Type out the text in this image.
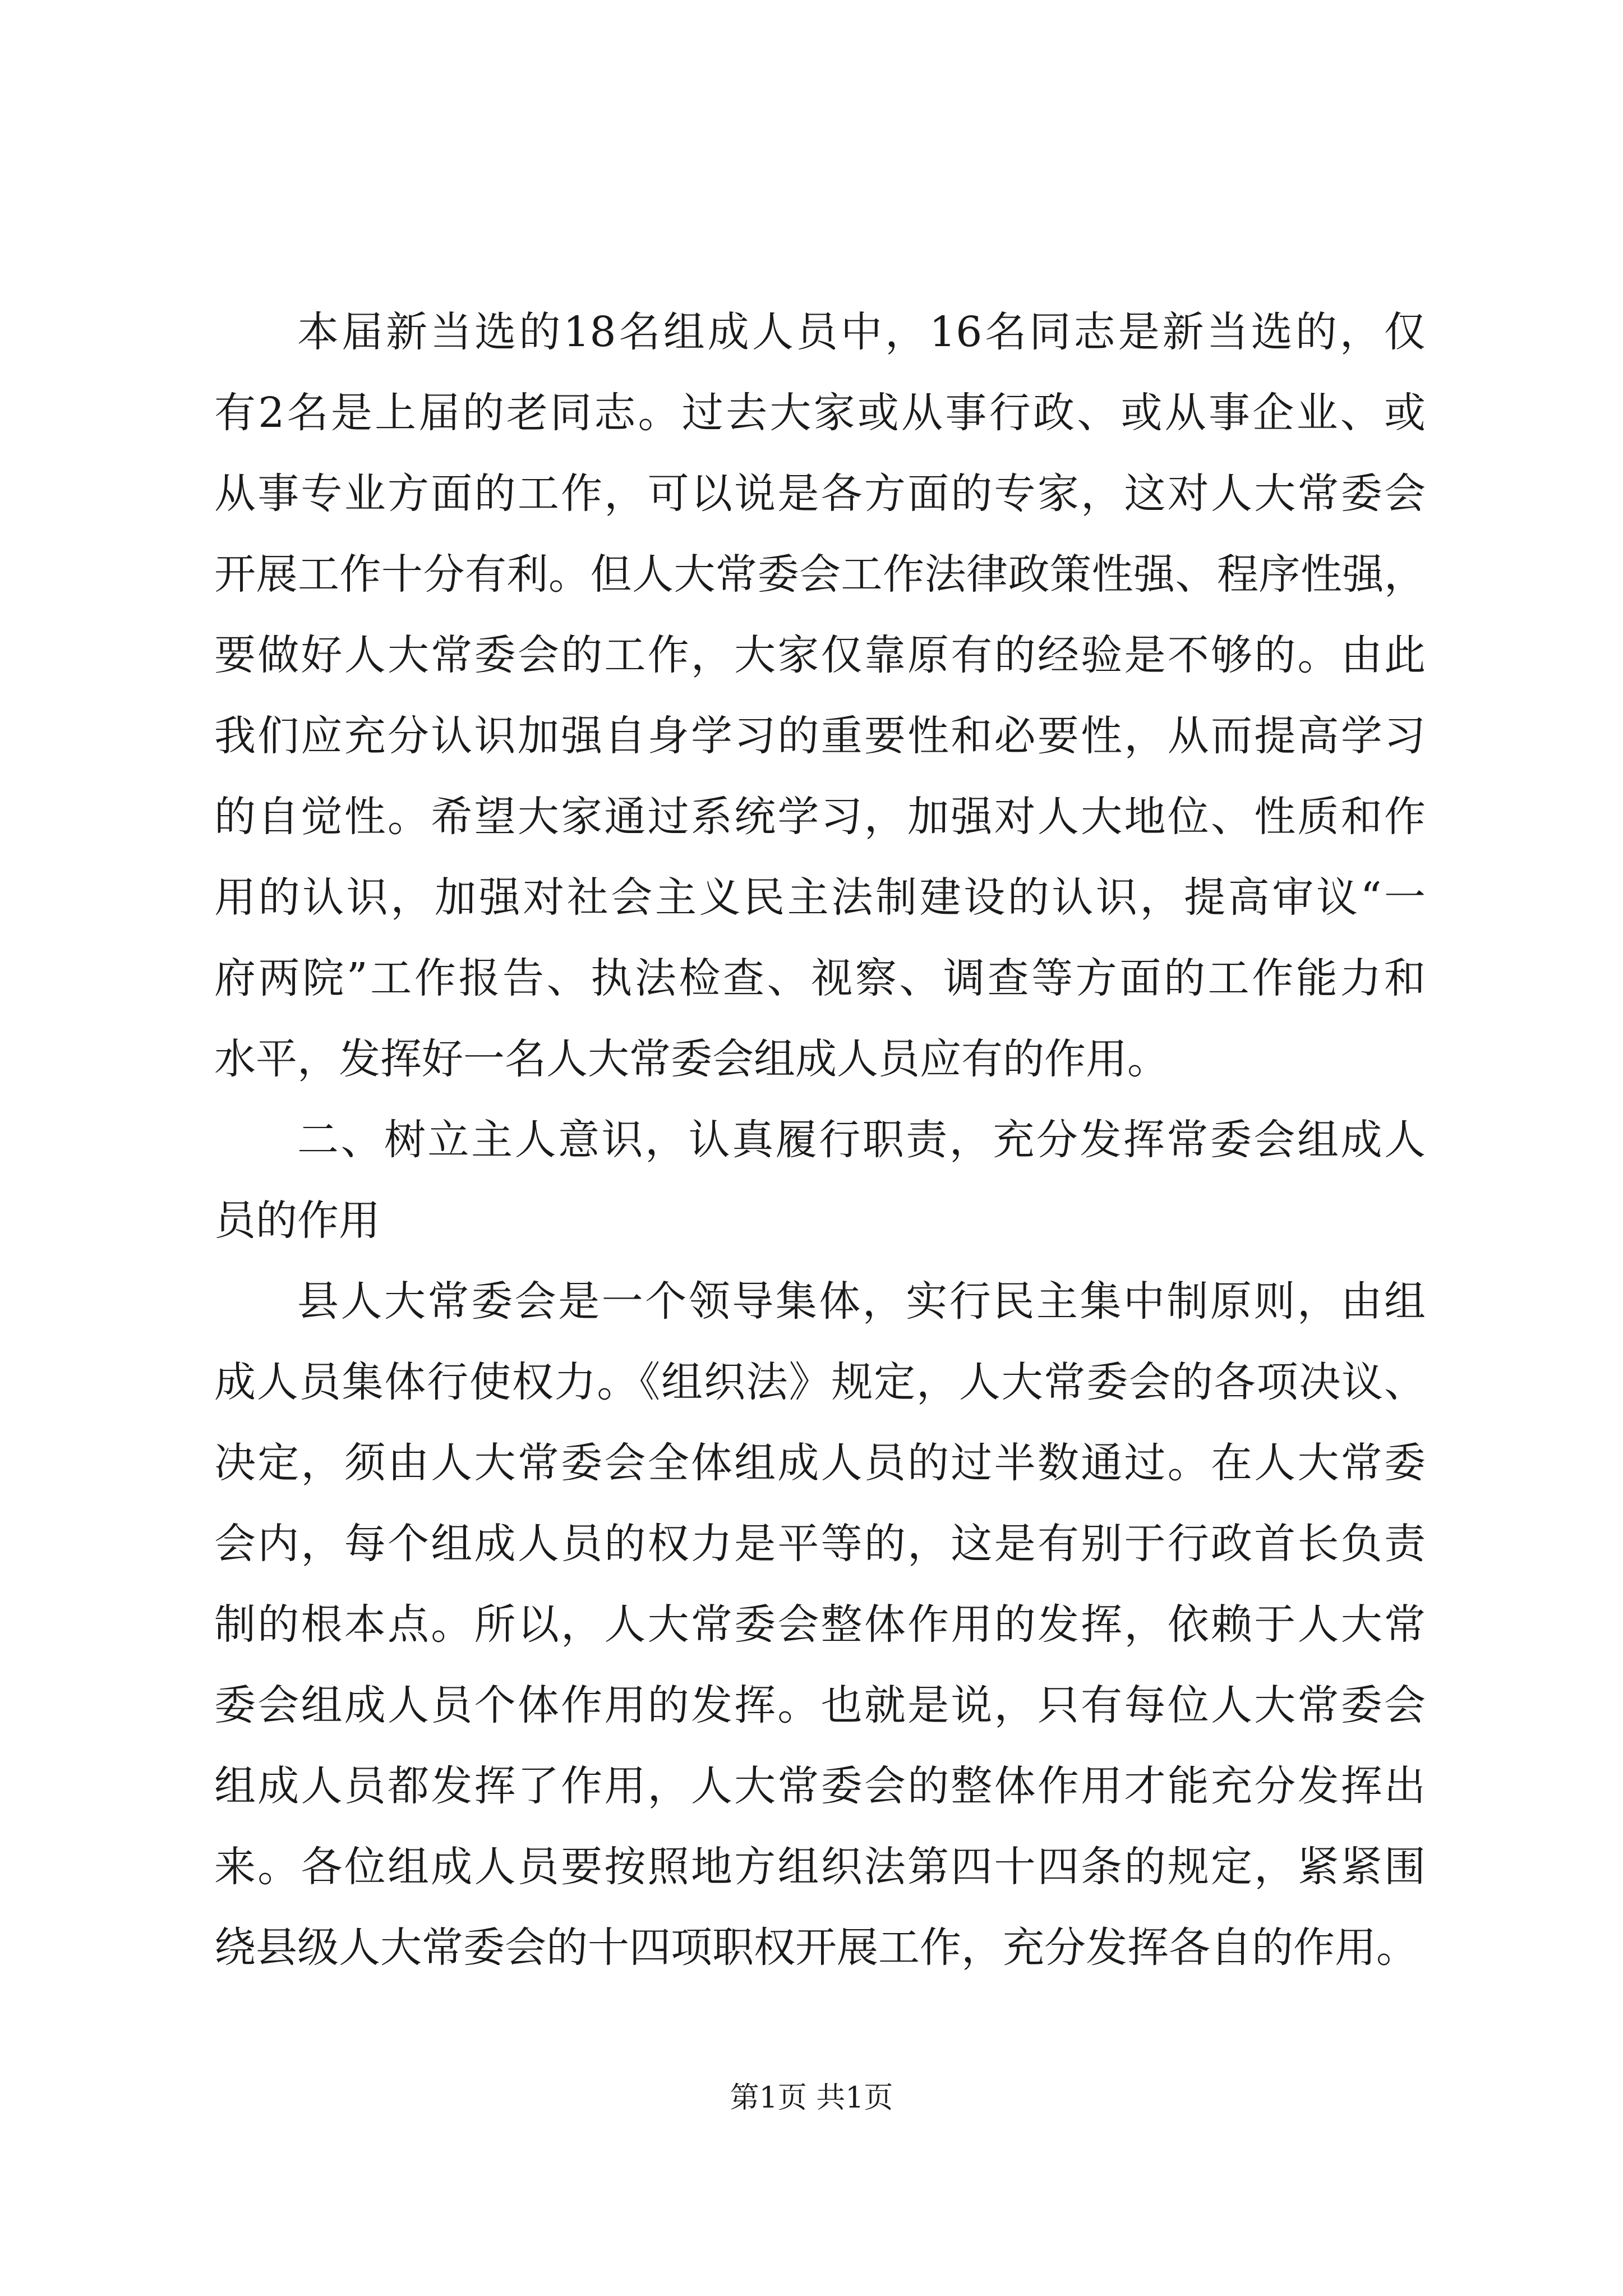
本届新当选的18名组成人员中，16名同志是新当选的，仅
有2名是上届的老同志。过去大家或从事行政、或从事企业、或
从事专业方面的工作，可以说是各方面的专家，这对人大常委会
开展工作十分有利。但人大常委会工作法律政策性强、程序性强，
要做好人大常委会的工作，大家仅靠原有的经验是不够的。由此
我们应充分认识加强自身学习的重要性和必要性，从而提高学习
的自觉性。希望大家通过系统学习，加强对人大地位、性质和作
用的认识，加强对社会主义民主法制建设的认识，提高审议“一
府两院”工作报告、执法检查、视察、调查等方面的工作能力和
水平，发挥好一名人大常委会组成人员应有的作用。
二、树立主人意识，认真履行职责，充分发挥常委会组成人
员的作用
县人大常委会是一个领导集体，实行民主集中制原则，由组
成人员集体行使权力。《组织法》规定，人大常委会的各项决议、
决定，须由人大常委会全体组成人员的过半数通过。在人大常委
会内，每个组成人员的权力是平等的，这是有别于行政首长负责
制的根本点。所以，人大常委会整体作用的发挥，依赖于人大常
委会组成人员个体作用的发挥。也就是说，只有每位人大常委会
组成人员都发挥了作用，人大常委会的整体作用才能充分发挥出
来。各位组成人员要按照地方组织法第四十四条的规定，紧紧围
绕县级人大常委会的十四项职权开展工作，充分发挥各自的作用。
第1页 共1页
